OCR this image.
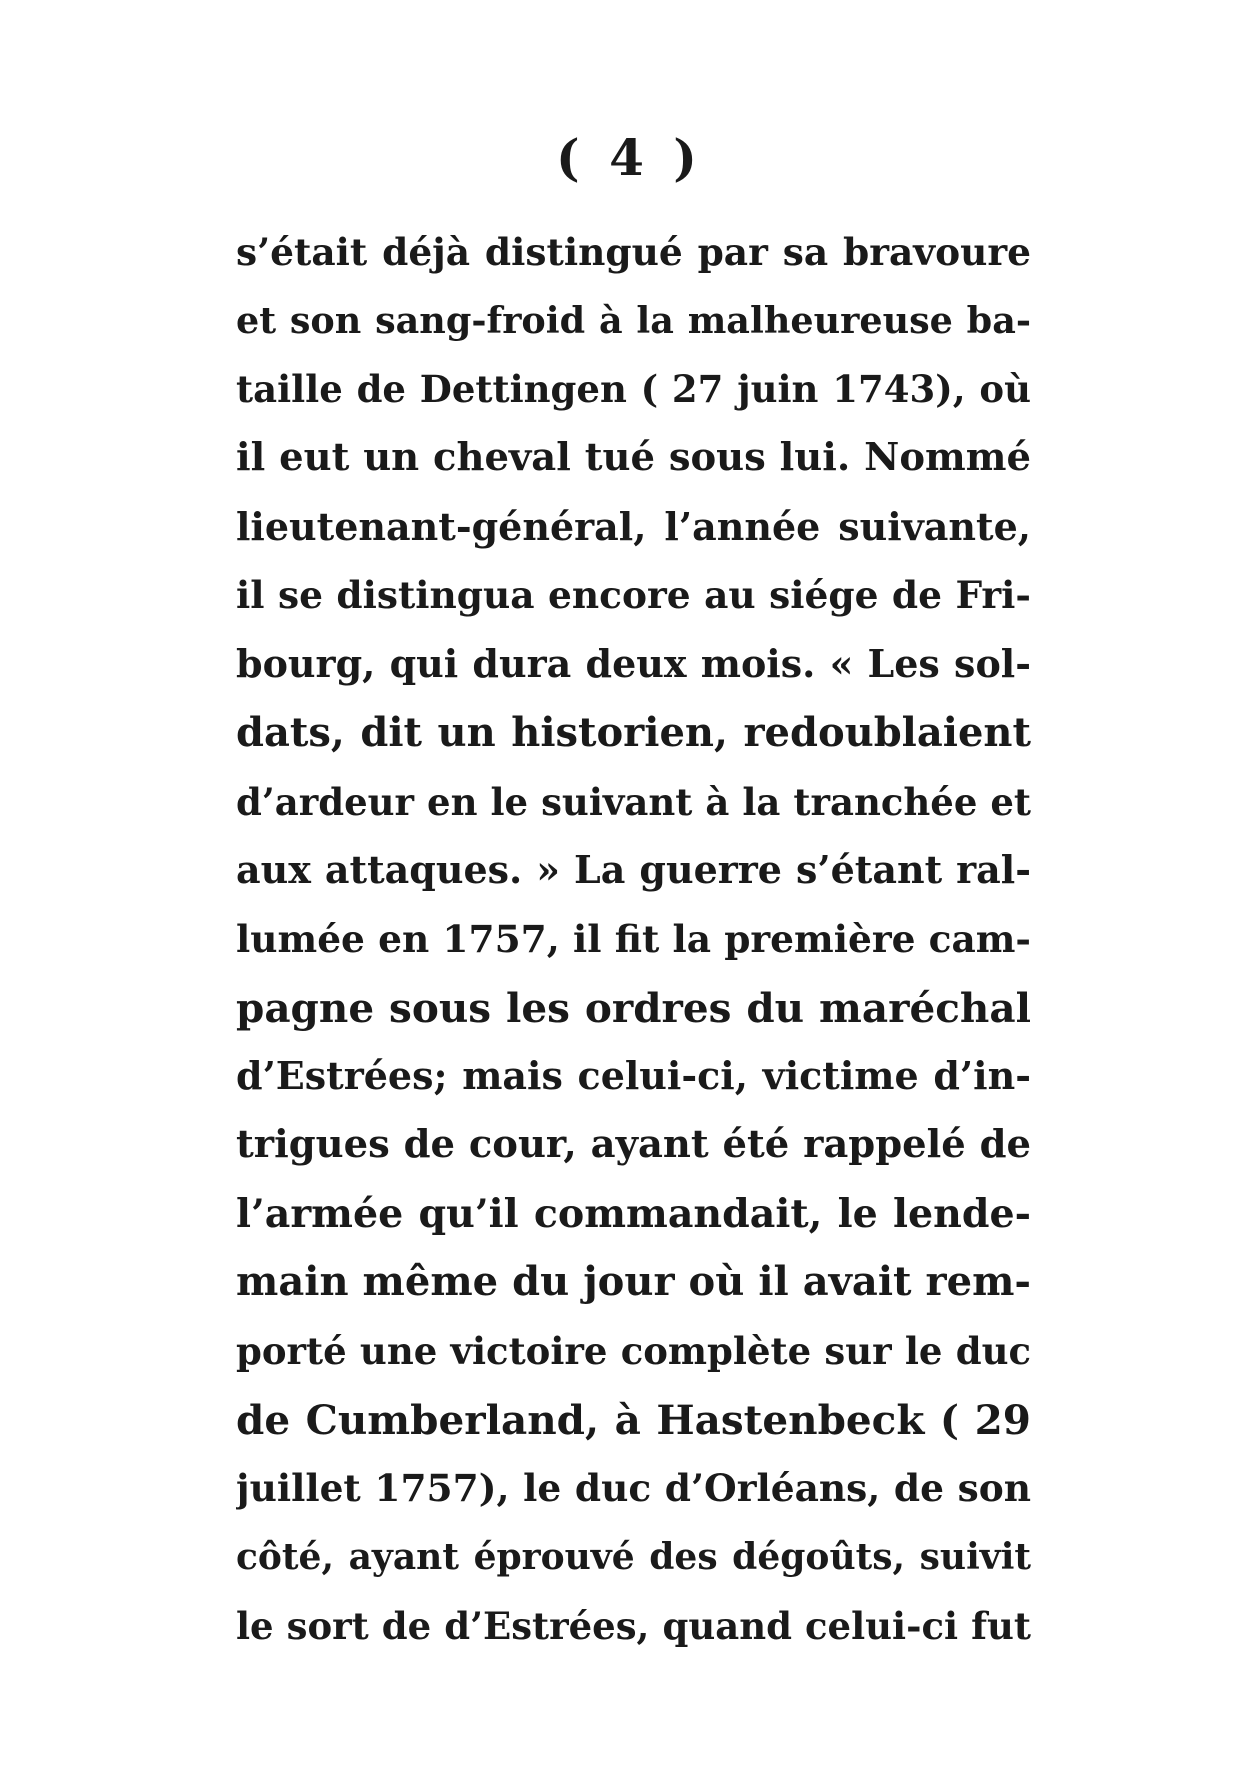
( 4 )
s’était déjà distingué par sa bravoure
et son sang-froid à la malheureuse ba-
taille de Dettingen ( 27 juin 1743), où
il eut un cheval tué sous lui. Nommé
lieutenant-général, l’année suivante,
il se distingua encore au siége de Fri-
bourg, qui dura deux mois. « Les sol-
dats, dit un historien, redoublaient
d’ardeur en le suivant à la tranchée et
aux attaques. » La guerre s’étant ral-
lumée en 1757, il fit la première cam-
pagne sous les ordres du maréchal
d’Estrées; mais celui-ci, victime d’in-
trigues de cour, ayant été rappelé de
l’armée qu’il commandait, le lende-
main même du jour où il avait rem-
porté une victoire complète sur le duc
de Cumberland, à Hastenbeck ( 29
juillet 1757), le duc d’Orléans, de son
côté, ayant éprouvé des dégoûts, suivit
le sort de d’Estrées, quand celui-ci fut
